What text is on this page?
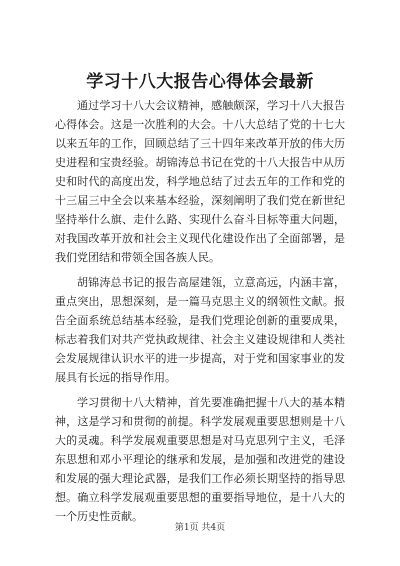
学习十八大报告心得体会最新

通过学习十八大会议精神，感触颇深，学习十八大报告心得体会。这是一次胜利的大会。十八大总结了党的十七大以来五年的工作，回顾总结了三十四年来改革开放的伟大历史进程和宝贵经验。胡锦涛总书记在党的十八大报告中从历史和时代的高度出发，科学地总结了过去五年的工作和党的十三届三中全会以来基本经验，深刻阐明了我们党在新世纪坚持举什么旗、走什么路、实现什么奋斗目标等重大问题，对我国改革开放和社会主义现代化建设作出了全面部署，是我们党团结和带领全国各族人民。

胡锦涛总书记的报告高屋建瓴，立意高远，内涵丰富，重点突出，思想深刻，是一篇马克思主义的纲领性文献。报告全面系统总结基本经验，是我们党理论创新的重要成果，标志着我们对共产党执政规律、社会主义建设规律和人类社会发展规律认识水平的进一步提高，对于党和国家事业的发展具有长远的指导作用。

学习贯彻十八大精神，首先要准确把握十八大的基本精神，这是学习和贯彻的前提。科学发展观重要思想则是十八大的灵魂。科学发展观重要思想是对马克思列宁主义，毛泽东思想和邓小平理论的继承和发展，是加强和改进党的建设和发展的强大理论武器，是我们工作必须长期坚持的指导思想。确立科学发展观重要思想的重要指导地位，是十八大的一个历史性贡献。

第1页 共4页
